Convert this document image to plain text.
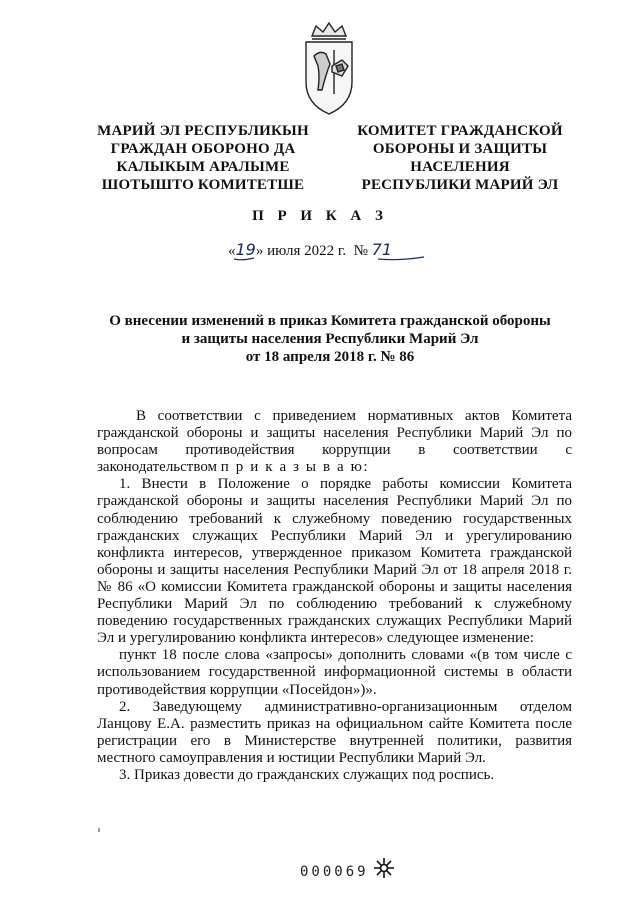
МАРИЙ ЭЛ РЕСПУБЛИКЫН
ГРАЖДАН ОБОРОНО ДА
КАЛЫКЫМ АРАЛЫМЕ
ШОТЫШТО КОМИТЕТШЕ
КОМИТЕТ ГРАЖДАНСКОЙ
ОБОРОНЫ И ЗАЩИТЫ
НАСЕЛЕНИЯ
РЕСПУБЛИКИ МАРИЙ ЭЛ
П Р И К А З
«19» июля 2022 г. № 71
О внесении изменений в приказ Комитета гражданской обороны
и защиты населения Республики Марий Эл
от 18 апреля 2018 г. № 86

В соответствии с приведением нормативных актов Комитета гражданской обороны и защиты населения Республики Марий Эл по вопросам противодействия коррупции в соответствии с законодательством п р и к а з ы в а ю:

1. Внести в Положение о порядке работы комиссии Комитета гражданской обороны и защиты населения Республики Марий Эл по соблюдению требований к служебному поведению государственных гражданских служащих Республики Марий Эл и урегулированию конфликта интересов, утвержденное приказом Комитета гражданской обороны и защиты населения Республики Марий Эл от 18 апреля 2018 г. № 86 «О комиссии Комитета гражданской обороны и защиты населения Республики Марий Эл по соблюдению требований к служебному поведению государственных гражданских служащих Республики Марий Эл и урегулированию конфликта интересов» следующее изменение:

пункт 18 после слова «запросы» дополнить словами «(в том числе с использованием государственной информационной системы в области противодействия коррупции «Посейдон»)».

2. Заведующему административно-организационным отделом Ланцову Е.А. разместить приказ на официальном сайте Комитета после регистрации его в Министерстве внутренней политики, развития местного самоуправления и юстиции Республики Марий Эл.

3. Приказ довести до гражданских служащих под роспись.

000069
